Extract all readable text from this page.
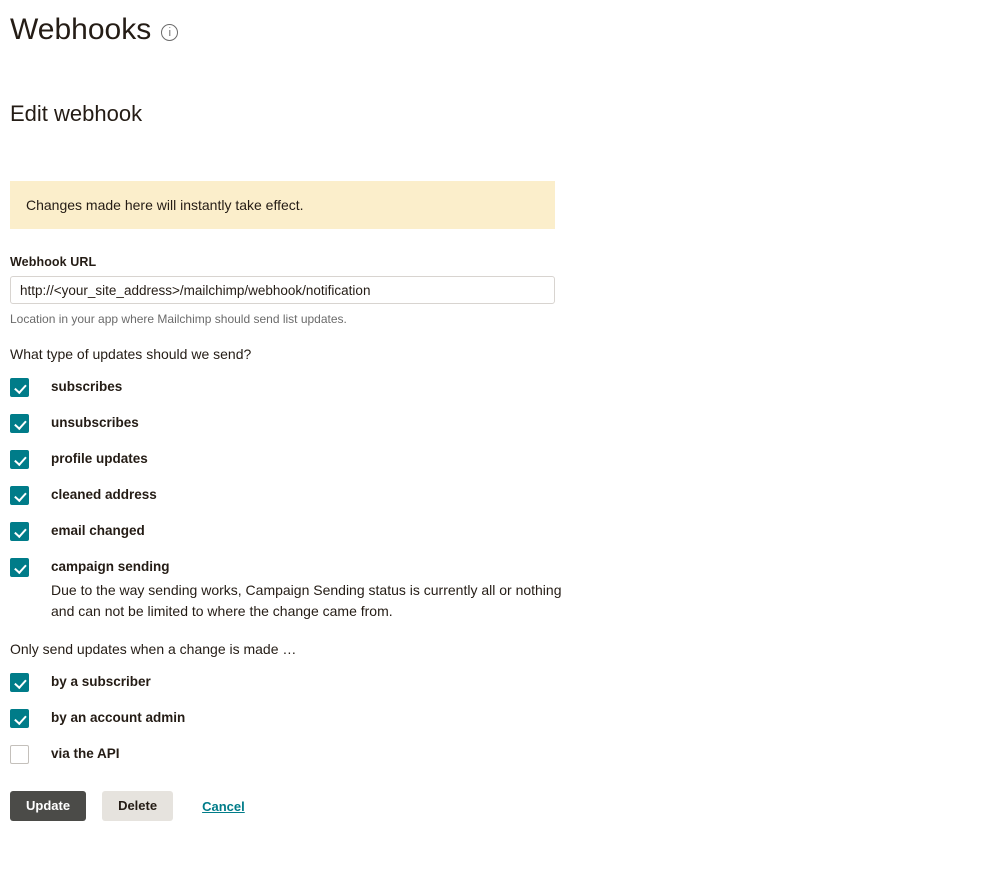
Webhooks
Edit webhook
Changes made here will instantly take effect.
Webhook URL
http://<your_site_address>/mailchimp/webhook/notification
Location in your app where Mailchimp should send list updates.
What type of updates should we send?
subscribes
unsubscribes
profile updates
cleaned address
email changed
campaign sending
Due to the way sending works, Campaign Sending status is currently all or nothing and can not be limited to where the change came from.
Only send updates when a change is made …
by a subscriber
by an account admin
via the API
Update	Delete	Cancel
